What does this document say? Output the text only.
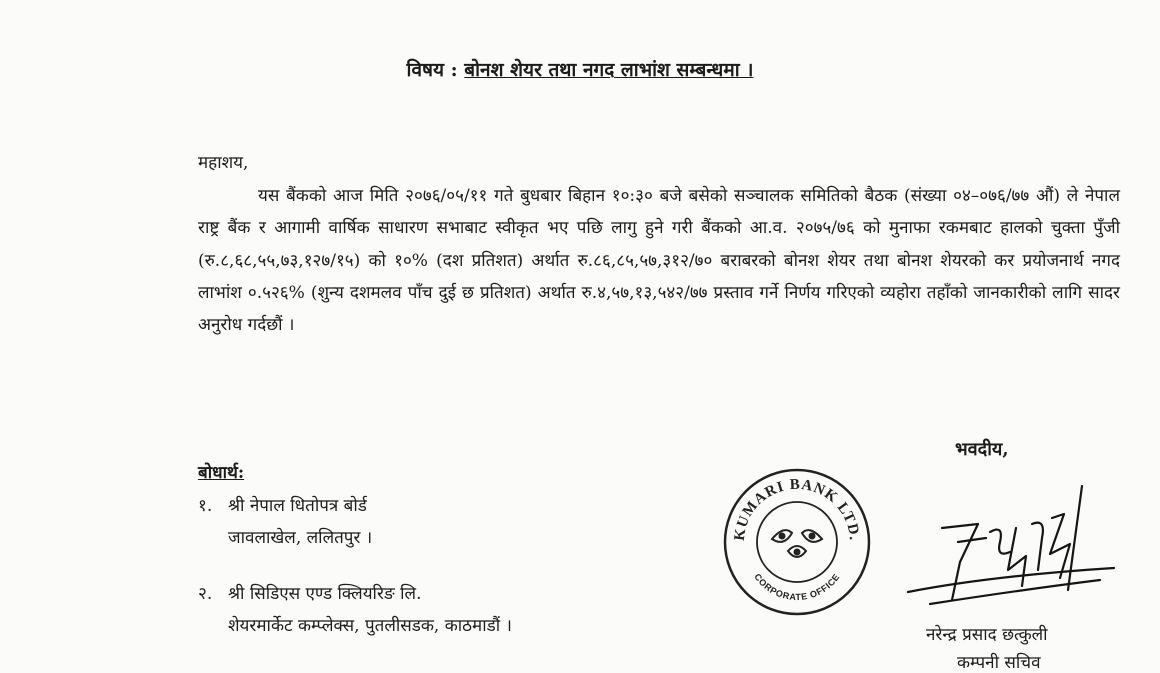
विषय : बोनश शेयर तथा नगद लाभांश सम्बन्धमा ।
महाशय,
यस बैंकको आज मिति २०७६/०५/११ गते बुधबार बिहान १०:३० बजे बसेको सञ्चालक समितिको बैठक (संख्या ०४–०७६/७७ औं) ले नेपाल राष्ट्र बैंक र आगामी वार्षिक साधारण सभाबाट स्वीकृत भए पछि लागु हुने गरी बैंकको आ.व. २०७५/७६ को मुनाफा रकमबाट हालको चुक्ता पुँजी (रु.८,६८,५५,७३,१२७/१५) को १०% (दश प्रतिशत) अर्थात रु.८६,८५,५७,३१२/७० बराबरको बोनश शेयर तथा बोनश शेयरको कर प्रयोजनार्थ नगद लाभांश ०.५२६% (शुन्य दशमलव पाँच दुई छ प्रतिशत) अर्थात रु.४,५७,१३,५४२/७७ प्रस्ताव गर्ने निर्णय गरिएको व्यहोरा तहाँको जानकारीको लागि सादर अनुरोध गर्दछौं ।
भवदीय,
बोधार्थ:
१. श्री नेपाल धितोपत्र बोर्ड
जावलाखेल, ललितपुर ।
२. श्री सिडिएस एण्ड क्लियरिङ लि.
शेयरमार्केट कम्प्लेक्स, पुतलीसडक, काठमाडौं ।
KUMARI BANK LTD.
CORPORATE OFFICE
नरेन्द्र प्रसाद छत्कुली
कम्पनी सचिव
